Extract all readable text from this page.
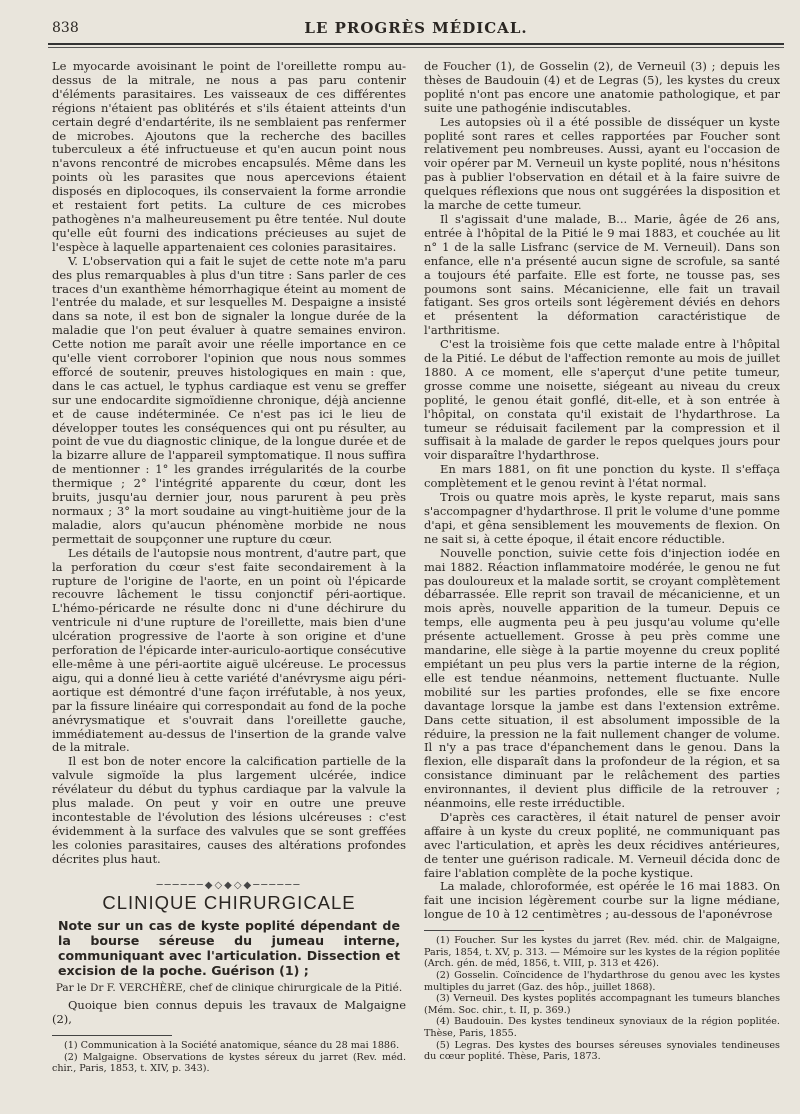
838	LE PROGRÈS MÉDICAL.

Le myocarde avoisinant le point de l'oreillette rompu au-dessus de la mitrale, ne nous a pas paru contenir d'éléments parasitaires. Les vaisseaux de ces différentes régions n'étaient pas oblitérés et s'ils étaient atteints d'un certain degré d'endartérite, ils ne semblaient pas renfermer de microbes. Ajoutons que la recherche des bacilles tuberculeux a été infructueuse et qu'en aucun point nous n'avons rencontré de microbes encapsulés. Même dans les points où les parasites que nous apercevions étaient disposés en diplocoques, ils conservaient la forme arrondie et restaient fort petits. La culture de ces microbes pathogènes n'a malheureusement pu être tentée. Nul doute qu'elle eût fourni des indications précieuses au sujet de l'espèce à laquelle appartenaient ces colonies parasitaires.

V. L'observation qui a fait le sujet de cette note m'a paru des plus remarquables à plus d'un titre : Sans parler de ces traces d'un exanthème hémorrhagique éteint au moment de l'entrée du malade, et sur lesquelles M. Despaigne a insisté dans sa note, il est bon de signaler la longue durée de la maladie que l'on peut évaluer à quatre semaines environ. Cette notion me paraît avoir une réelle importance en ce qu'elle vient corroborer l'opinion que nous nous sommes efforcé de soutenir, preuves histologiques en main : que, dans le cas actuel, le typhus cardiaque est venu se greffer sur une endocardite sigmoïdienne chronique, déjà ancienne et de cause indéterminée. Ce n'est pas ici le lieu de développer toutes les conséquences qui ont pu résulter, au point de vue du diagnostic clinique, de la longue durée et de la bizarre allure de l'appareil symptomatique. Il nous suffira de mentionner : 1° les grandes irrégularités de la courbe thermique ; 2° l'intégrité apparente du cœur, dont les bruits, jusqu'au dernier jour, nous parurent à peu près normaux ; 3° la mort soudaine au vingt-huitième jour de la maladie, alors qu'aucun phénomène morbide ne nous permettait de soupçonner une rupture du cœur.

Les détails de l'autopsie nous montrent, d'autre part, que la perforation du cœur s'est faite secondairement à la rupture de l'origine de l'aorte, en un point où l'épicarde recouvre lâchement le tissu conjonctif péri-aortique. L'hémo-péricarde ne résulte donc ni d'une déchirure du ventricule ni d'une rupture de l'oreillette, mais bien d'une ulcération progressive de l'aorte à son origine et d'une perforation de l'épicarde inter-auriculo-aortique consécutive elle-même à une péri-aortite aiguë ulcéreuse. Le processus aigu, qui a donné lieu à cette variété d'anévrysme aigu péri-aortique est démontré d'une façon irréfutable, à nos yeux, par la fissure linéaire qui correspondait au fond de la poche anévrysmatique et s'ouvrait dans l'oreillette gauche, immédiatement au-dessus de l'insertion de la grande valve de la mitrale.

Il est bon de noter encore la calcification partielle de la valvule sigmoïde la plus largement ulcérée, indice révélateur du début du typhus cardiaque par la valvule la plus malade. On peut y voir en outre une preuve incontestable de l'évolution des lésions ulcéreuses : c'est évidemment à la surface des valvules que se sont greffées les colonies parasitaires, causes des altérations profondes décrites plus haut.

──────◆◇◆◇◆──────
CLINIQUE CHIRURGICALE
Note sur un cas de kyste poplité dépendant de la bourse séreuse du jumeau interne, communiquant avec l'articulation. Dissection et excision de la poche. Guérison (1) ;
Par le Dr F. VERCHÈRE, chef de clinique chirurgicale de la Pitié.

Quoique bien connus depuis les travaux de Malgaigne (2),

(1) Communication à la Société anatomique, séance du 28 mai 1886.

(2) Malgaigne. Observations de kystes séreux du jarret (Rev. méd. chir., Paris, 1853, t. XIV, p. 343).

de Foucher (1), de Gosselin (2), de Verneuil (3) ; depuis les thèses de Baudouin (4) et de Legras (5), les kystes du creux poplité n'ont pas encore une anatomie pathologique, et par suite une pathogénie indiscutables.

Les autopsies où il a été possible de disséquer un kyste poplité sont rares et celles rapportées par Foucher sont relativement peu nombreuses. Aussi, ayant eu l'occasion de voir opérer par M. Verneuil un kyste poplité, nous n'hésitons pas à publier l'observation en détail et à la faire suivre de quelques réflexions que nous ont suggérées la disposition et la marche de cette tumeur.

Il s'agissait d'une malade, B... Marie, âgée de 26 ans, entrée à l'hôpital de la Pitié le 9 mai 1883, et couchée au lit n° 1 de la salle Lisfranc (service de M. Verneuil). Dans son enfance, elle n'a présenté aucun signe de scrofule, sa santé a toujours été parfaite. Elle est forte, ne tousse pas, ses poumons sont sains. Mécanicienne, elle fait un travail fatigant. Ses gros orteils sont légèrement déviés en dehors et présentent la déformation caractéristique de l'arthritisme.

C'est la troisième fois que cette malade entre à l'hôpital de la Pitié. Le début de l'affection remonte au mois de juillet 1880. A ce moment, elle s'aperçut d'une petite tumeur, grosse comme une noisette, siégeant au niveau du creux poplité, le genou était gonflé, dit-elle, et à son entrée à l'hôpital, on constata qu'il existait de l'hydarthrose. La tumeur se réduisait facilement par la compression et il suffisait à la malade de garder le repos quelques jours pour voir disparaître l'hydarthrose.

En mars 1881, on fit une ponction du kyste. Il s'effaça complètement et le genou revint à l'état normal.

Trois ou quatre mois après, le kyste reparut, mais sans s'accompagner d'hydarthrose. Il prit le volume d'une pomme d'api, et gêna sensiblement les mouvements de flexion. On ne sait si, à cette époque, il était encore réductible.

Nouvelle ponction, suivie cette fois d'injection iodée en mai 1882. Réaction inflammatoire modérée, le genou ne fut pas douloureux et la malade sortit, se croyant complètement débarrassée. Elle reprit son travail de mécanicienne, et un mois après, nouvelle apparition de la tumeur. Depuis ce temps, elle augmenta peu à peu jusqu'au volume qu'elle présente actuellement. Grosse à peu près comme une mandarine, elle siège à la partie moyenne du creux poplité empiétant un peu plus vers la partie interne de la région, elle est tendue néanmoins, nettement fluctuante. Nulle mobilité sur les parties profondes, elle se fixe encore davantage lorsque la jambe est dans l'extension extrême. Dans cette situation, il est absolument impossible de la réduire, la pression ne la fait nullement changer de volume. Il n'y a pas trace d'épanchement dans le genou. Dans la flexion, elle disparaît dans la profondeur de la région, et sa consistance diminuant par le relâchement des parties environnantes, il devient plus difficile de la retrouver ; néanmoins, elle reste irréductible.

D'après ces caractères, il était naturel de penser avoir affaire à un kyste du creux poplité, ne communiquant pas avec l'articulation, et après les deux récidives antérieures, de tenter une guérison radicale. M. Verneuil décida donc de faire l'ablation complète de la poche kystique.

La malade, chloroformée, est opérée le 16 mai 1883. On fait une incision légèrement courbe sur la ligne médiane, longue de 10 à 12 centimètres ; au-dessous de l'aponévrose

(1) Foucher. Sur les kystes du jarret (Rev. méd. chir. de Malgaigne, Paris, 1854, t. XV, p. 313. — Mémoire sur les kystes de la région poplitée (Arch. gén. de méd, 1856, t. VIII, p. 313 et 426).

(2) Gosselin. Coïncidence de l'hydarthrose du genou avec les kystes multiples du jarret (Gaz. des hôp., juillet 1868).

(3) Verneuil. Des kystes poplités accompagnant les tumeurs blanches (Mém. Soc. chir., t. II, p. 369.)

(4) Baudouin. Des kystes tendineux synoviaux de la région poplitée. Thèse, Paris, 1855.

(5) Legras. Des kystes des bourses séreuses synoviales tendineuses du cœur poplité. Thèse, Paris, 1873.
